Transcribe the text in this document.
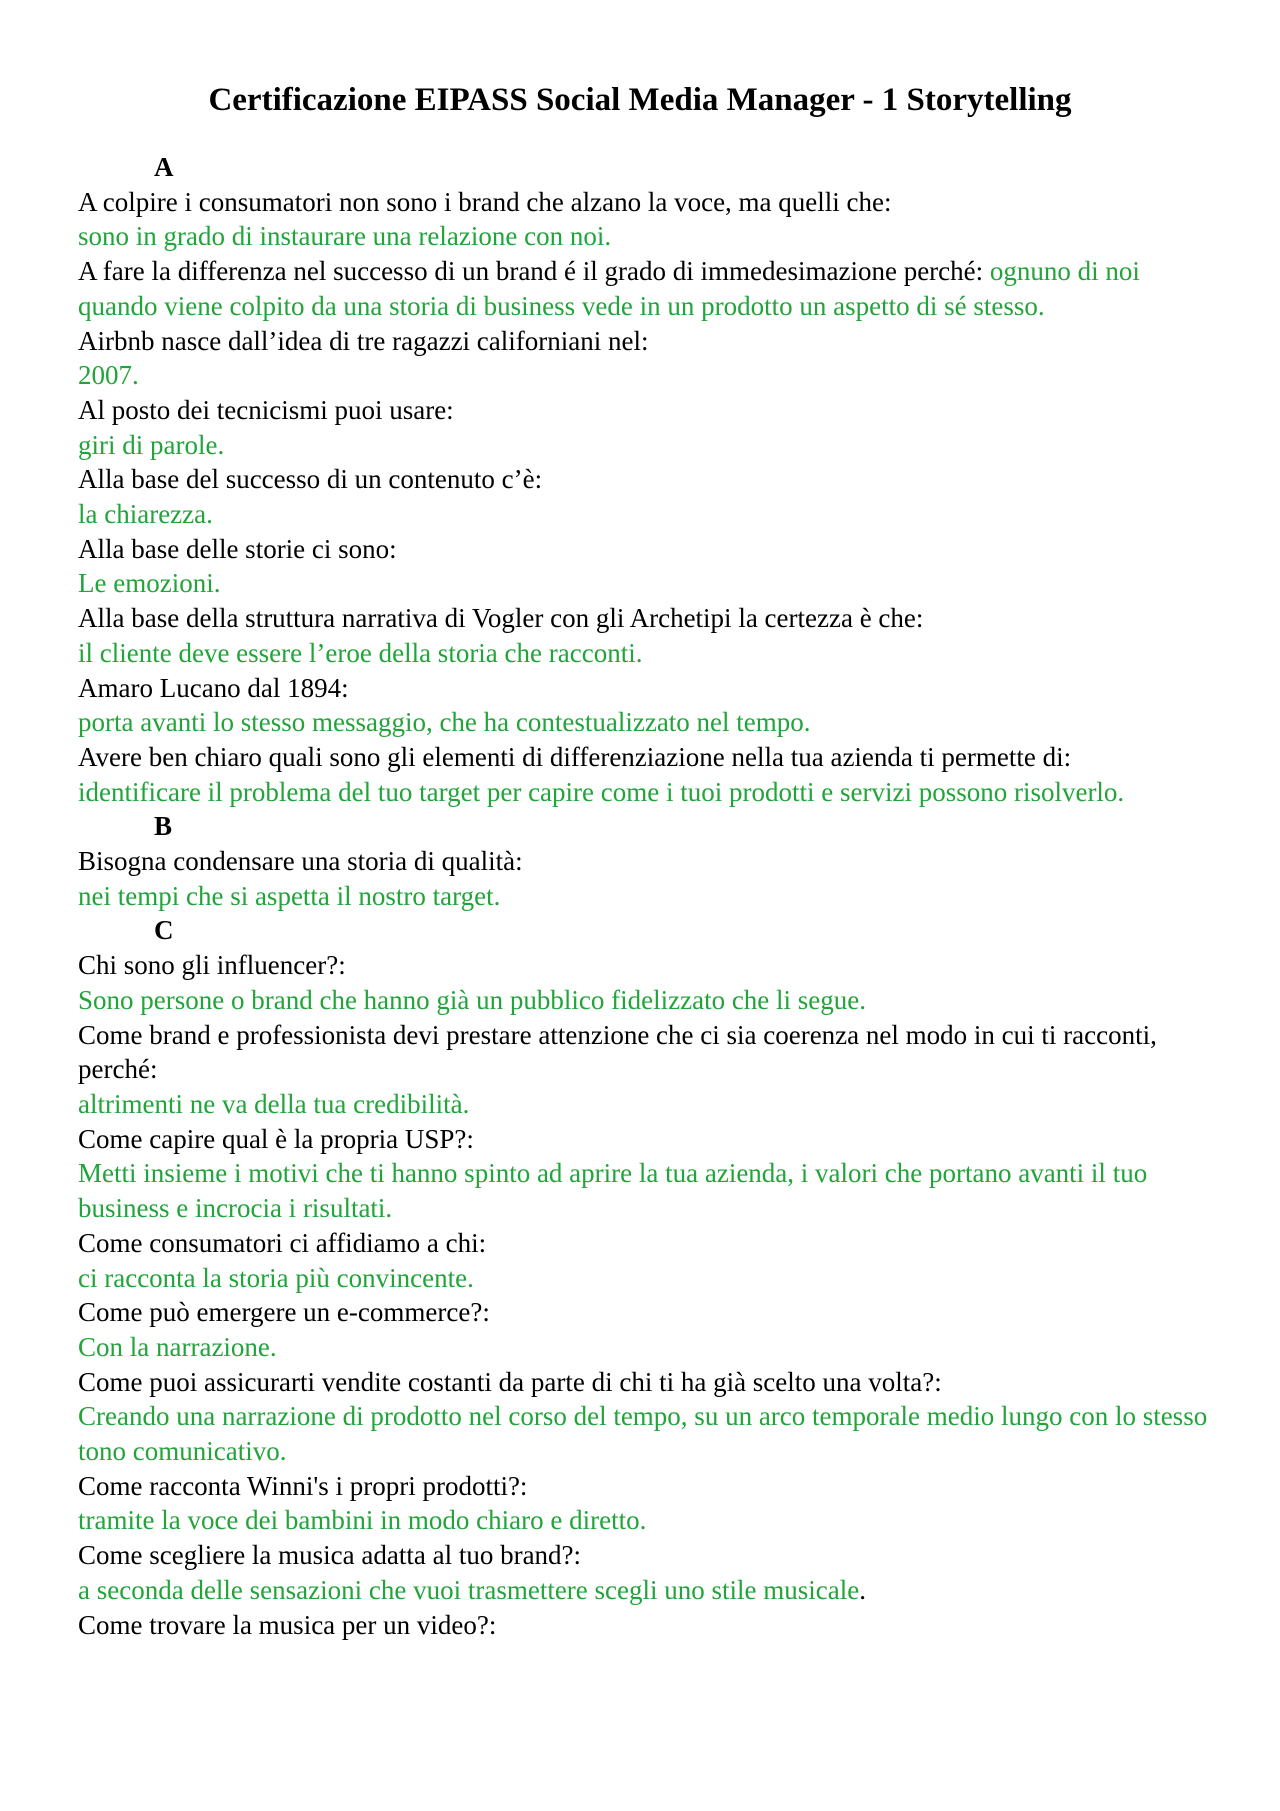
Certificazione EIPASS Social Media Manager - 1 Storytelling
A
A colpire i consumatori non sono i brand che alzano la voce, ma quelli che:
sono in grado di instaurare una relazione con noi.
A fare la differenza nel successo di un brand é il grado di immedesimazione perché: ognuno di noi quando viene colpito da una storia di business vede in un prodotto un aspetto di sé stesso.
Airbnb nasce dall’idea di tre ragazzi californiani nel:
2007.
Al posto dei tecnicismi puoi usare:
giri di parole.
Alla base del successo di un contenuto c’è:
la chiarezza.
Alla base delle storie ci sono:
Le emozioni.
Alla base della struttura narrativa di Vogler con gli Archetipi la certezza è che:
il cliente deve essere l’eroe della storia che racconti.
Amaro Lucano dal 1894:
porta avanti lo stesso messaggio, che ha contestualizzato nel tempo.
Avere ben chiaro quali sono gli elementi di differenziazione nella tua azienda ti permette di:
identificare il problema del tuo target per capire come i tuoi prodotti e servizi possono risolverlo.
B
Bisogna condensare una storia di qualità:
nei tempi che si aspetta il nostro target.
C
Chi sono gli influencer?:
Sono persone o brand che hanno già un pubblico fidelizzato che li segue.
Come brand e professionista devi prestare attenzione che ci sia coerenza nel modo in cui ti racconti, perché:
altrimenti ne va della tua credibilità.
Come capire qual è la propria USP?:
Metti insieme i motivi che ti hanno spinto ad aprire la tua azienda, i valori che portano avanti il tuo business e incrocia i risultati.
Come consumatori ci affidiamo a chi:
ci racconta la storia più convincente.
Come può emergere un e-commerce?:
Con la narrazione.
Come puoi assicurarti vendite costanti da parte di chi ti ha già scelto una volta?:
Creando una narrazione di prodotto nel corso del tempo, su un arco temporale medio lungo con lo stesso tono comunicativo.
Come racconta Winni's i propri prodotti?:
tramite la voce dei bambini in modo chiaro e diretto.
Come scegliere la musica adatta al tuo brand?:
a seconda delle sensazioni che vuoi trasmettere scegli uno stile musicale.
Come trovare la musica per un video?:
